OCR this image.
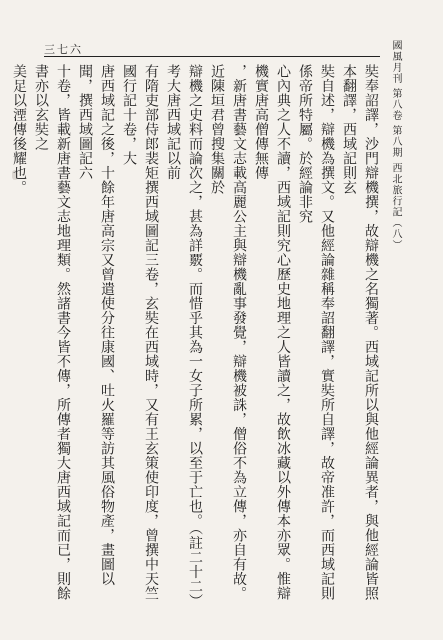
三七六	國風月刊 第八卷 第八期 西北旅行記（八）
奘奉詔譯，沙門辯機撰，故辯機之名獨著。西域記所以與他經論異者，與他經論皆照本翻譯，西域記則玄
奘自述，辯機為撰文。又他經論雜稱奉詔翻譯，實奘所自譯，故帝准許，而西域記則係帝所特屬。於經論非究
心內典之人不讀，西域記則究心歷史地理之人皆讀之，故飲冰藏以外傳本亦眾。惟辯機實唐高僧傳無傳
，新唐書藝文志載高麗公主與辯機亂事發覺，辯機被誅，僧俗不為立傳，亦自有故。近陳垣君曾搜集關於
辯機之史料而論次之，甚為詳覈。而惜乎其為一女子所累，以至于亡也。（註二十二）考大唐西域記以前
有隋吏部侍郎裴矩撰西域圖記三卷，玄奘在西域時，又有王玄策使印度，曾撰中天竺國行記十卷，大
唐西域記之後，十餘年唐高宗又曾遣使分往康國、吐火羅等訪其風俗物產，畫圖以聞，撰西域圖記六
十卷，皆載新唐書藝文志地理類。然諸書今皆不傳，所傳者獨大唐西域記而已，則餘書亦以玄奘之
美足以湮傳後耀也。
